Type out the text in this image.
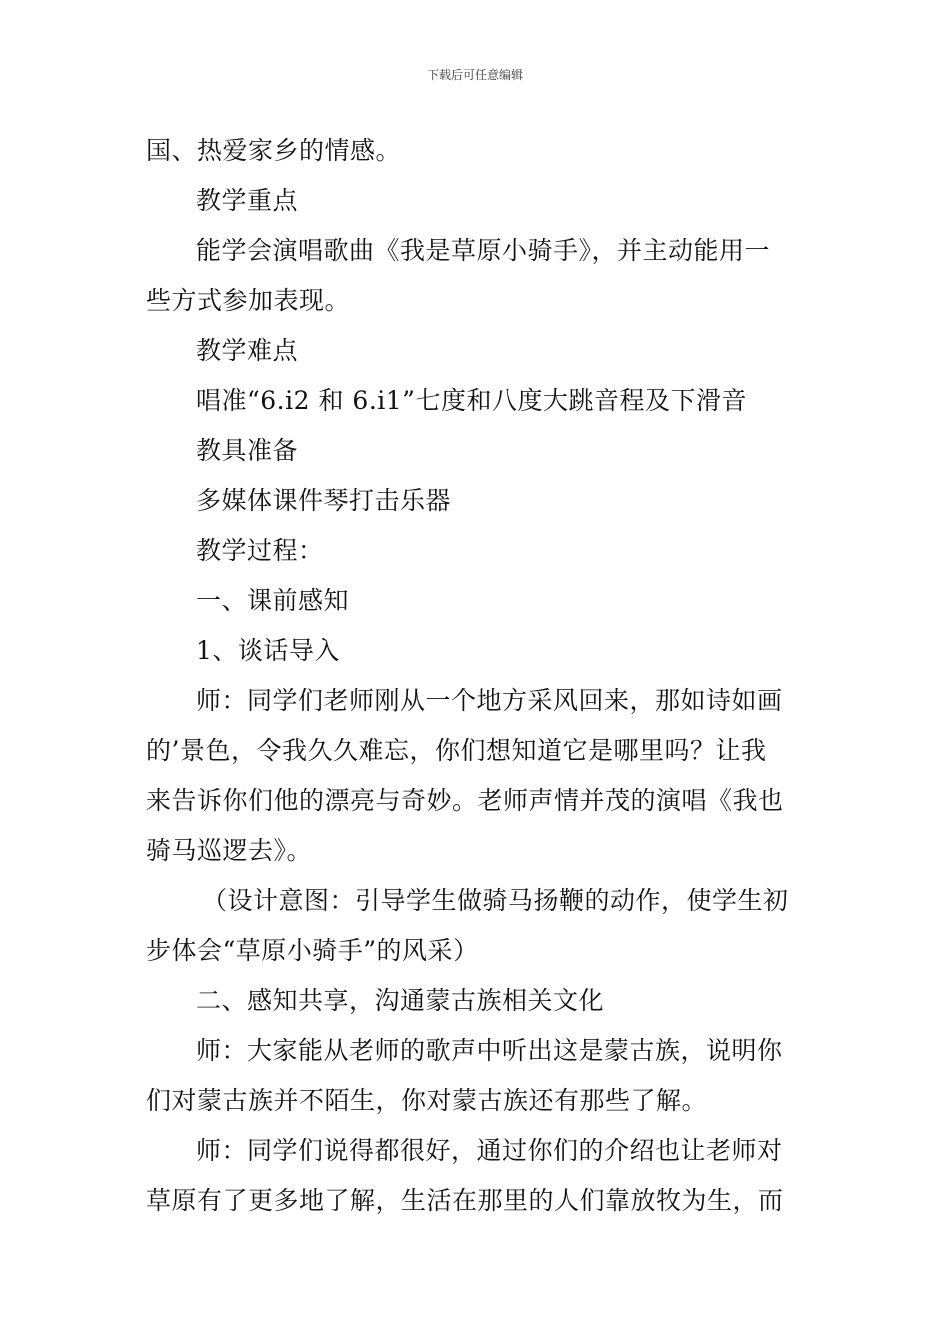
下载后可任意编辑
国、热爱家乡的情感。
教学重点
能学会演唱歌曲《我是草原小骑手》，并主动能用一
些方式参加表现。
教学难点
唱准“6.i2 和 6.i1”七度和八度大跳音程及下滑音
教具准备
多媒体课件琴打击乐器
教学过程：
一、课前感知
1、谈话导入
师：同学们老师刚从一个地方采风回来，那如诗如画
的’景色，令我久久难忘，你们想知道它是哪里吗？让我
来告诉你们他的漂亮与奇妙。老师声情并茂的演唱《我也
骑马巡逻去》。
（设计意图：引导学生做骑马扬鞭的动作，使学生初
步体会“草原小骑手”的风采）
二、感知共享，沟通蒙古族相关文化
师：大家能从老师的歌声中听出这是蒙古族，说明你
们对蒙古族并不陌生，你对蒙古族还有那些了解。
师：同学们说得都很好，通过你们的介绍也让老师对
草原有了更多地了解，生活在那里的人们靠放牧为生，而
